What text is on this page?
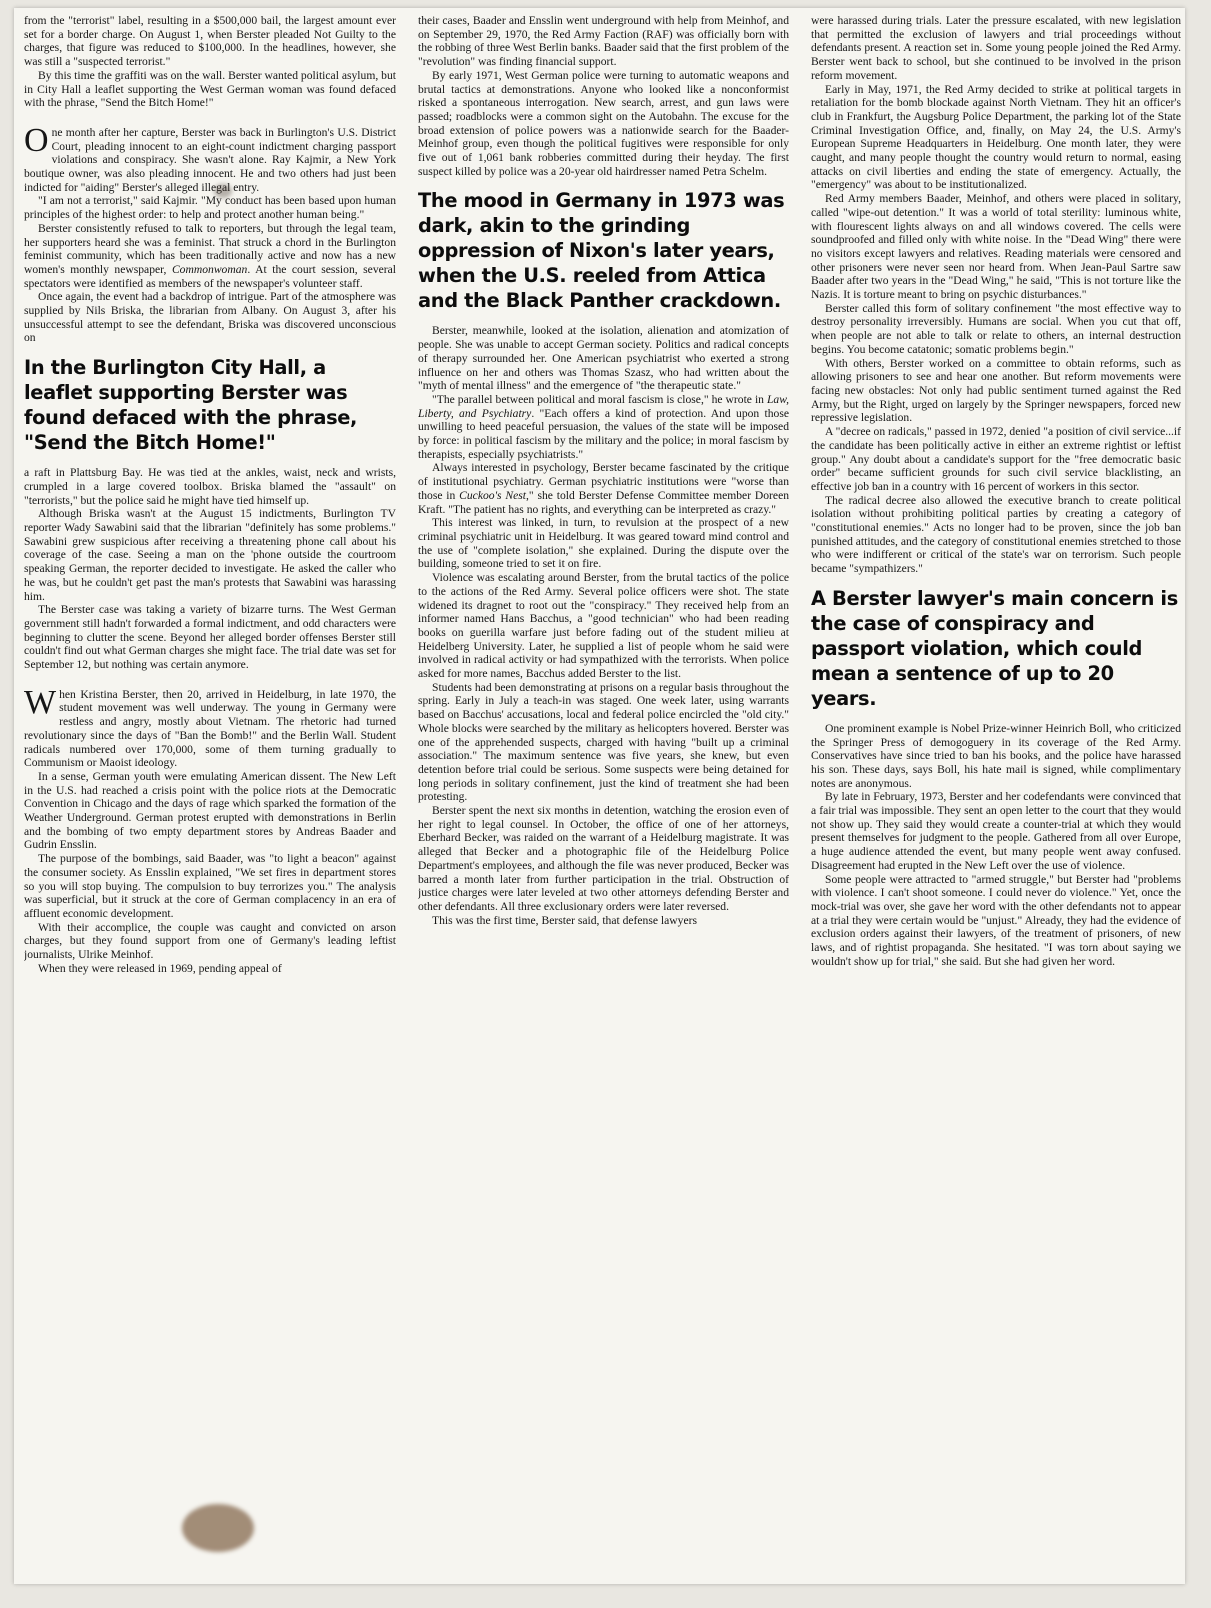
from the "terrorist" label, resulting in a $500,000 bail, the largest amount ever set for a border charge. On August 1, when Berster pleaded Not Guilty to the charges, that figure was reduced to $100,000. In the headlines, however, she was still a "suspected terrorist."

By this time the graffiti was on the wall. Berster wanted political asylum, but in City Hall a leaflet supporting the West German woman was found defaced with the phrase, "Send the Bitch Home!"

One month after her capture, Berster was back in Burlington's U.S. District Court, pleading innocent to an eight-count indictment charging passport violations and conspiracy. She wasn't alone. Ray Kajmir, a New York boutique owner, was also pleading innocent. He and two others had just been indicted for "aiding" Berster's alleged illegal entry.

"I am not a terrorist," said Kajmir. "My conduct has been based upon human principles of the highest order: to help and protect another human being."

Berster consistently refused to talk to reporters, but through the legal team, her supporters heard she was a feminist. That struck a chord in the Burlington feminist community, which has been traditionally active and now has a new women's monthly newspaper, Commonwoman. At the court session, several spectators were identified as members of the newspaper's volunteer staff.

Once again, the event had a backdrop of intrigue. Part of the atmosphere was supplied by Nils Briska, the librarian from Albany. On August 3, after his unsuccessful attempt to see the defendant, Briska was discovered unconscious on

In the Burlington City Hall, a leaflet supporting Berster was found defaced with the phrase, "Send the Bitch Home!"

a raft in Plattsburg Bay. He was tied at the ankles, waist, neck and wrists, crumpled in a large covered toolbox. Briska blamed the "assault" on "terrorists," but the police said he might have tied himself up.

Although Briska wasn't at the August 15 indictments, Burlington TV reporter Wady Sawabini said that the librarian "definitely has some problems." Sawabini grew suspicious after receiving a threatening phone call about his coverage of the case. Seeing a man on the 'phone outside the courtroom speaking German, the reporter decided to investigate. He asked the caller who he was, but he couldn't get past the man's protests that Sawabini was harassing him.

The Berster case was taking a variety of bizarre turns. The West German government still hadn't forwarded a formal indictment, and odd characters were beginning to clutter the scene. Beyond her alleged border offenses Berster still couldn't find out what German charges she might face. The trial date was set for September 12, but nothing was certain anymore.

When Kristina Berster, then 20, arrived in Heidelburg, in late 1970, the student movement was well underway. The young in Germany were restless and angry, mostly about Vietnam. The rhetoric had turned revolutionary since the days of "Ban the Bomb!" and the Berlin Wall. Student radicals numbered over 170,000, some of them turning gradually to Communism or Maoist ideology.

In a sense, German youth were emulating American dissent. The New Left in the U.S. had reached a crisis point with the police riots at the Democratic Convention in Chicago and the days of rage which sparked the formation of the Weather Underground. German protest erupted with demonstrations in Berlin and the bombing of two empty department stores by Andreas Baader and Gudrin Ensslin.

The purpose of the bombings, said Baader, was "to light a beacon" against the consumer society. As Ensslin explained, "We set fires in department stores so you will stop buying. The compulsion to buy terrorizes you." The analysis was superficial, but it struck at the core of German complacency in an era of affluent economic development.

With their accomplice, the couple was caught and convicted on arson charges, but they found support from one of Germany's leading leftist journalists, Ulrike Meinhof.

When they were released in 1969, pending appeal of

their cases, Baader and Ensslin went underground with help from Meinhof, and on September 29, 1970, the Red Army Faction (RAF) was officially born with the robbing of three West Berlin banks. Baader said that the first problem of the "revolution" was finding financial support.

By early 1971, West German police were turning to automatic weapons and brutal tactics at demonstrations. Anyone who looked like a nonconformist risked a spontaneous interrogation. New search, arrest, and gun laws were passed; roadblocks were a common sight on the Autobahn. The excuse for the broad extension of police powers was a nationwide search for the Baader-Meinhof group, even though the political fugitives were responsible for only five out of 1,061 bank robberies committed during their heyday. The first suspect killed by police was a 20-year old hairdresser named Petra Schelm.

The mood in Germany in 1973 was dark, akin to the grinding oppression of Nixon's later years, when the U.S. reeled from Attica and the Black Panther crackdown.

Berster, meanwhile, looked at the isolation, alienation and atomization of people. She was unable to accept German society. Politics and radical concepts of therapy surrounded her. One American psychiatrist who exerted a strong influence on her and others was Thomas Szasz, who had written about the "myth of mental illness" and the emergence of "the therapeutic state."

"The parallel between political and moral fascism is close," he wrote in Law, Liberty, and Psychiatry. "Each offers a kind of protection. And upon those unwilling to heed peaceful persuasion, the values of the state will be imposed by force: in political fascism by the military and the police; in moral fascism by therapists, especially psychiatrists."

Always interested in psychology, Berster became fascinated by the critique of institutional psychiatry. German psychiatric institutions were "worse than those in Cuckoo's Nest," she told Berster Defense Committee member Doreen Kraft. "The patient has no rights, and everything can be interpreted as crazy."

This interest was linked, in turn, to revulsion at the prospect of a new criminal psychiatric unit in Heidelburg. It was geared toward mind control and the use of "complete isolation," she explained. During the dispute over the building, someone tried to set it on fire.

Violence was escalating around Berster, from the brutal tactics of the police to the actions of the Red Army. Several police officers were shot. The state widened its dragnet to root out the "conspiracy." They received help from an informer named Hans Bacchus, a "good technician" who had been reading books on guerilla warfare just before fading out of the student milieu at Heidelberg University. Later, he supplied a list of people whom he said were involved in radical activity or had sympathized with the terrorists. When police asked for more names, Bacchus added Berster to the list.

Students had been demonstrating at prisons on a regular basis throughout the spring. Early in July a teach-in was staged. One week later, using warrants based on Bacchus' accusations, local and federal police encircled the "old city." Whole blocks were searched by the military as helicopters hovered. Berster was one of the apprehended suspects, charged with having "built up a criminal association." The maximum sentence was five years, she knew, but even detention before trial could be serious. Some suspects were being detained for long periods in solitary confinement, just the kind of treatment she had been protesting.

Berster spent the next six months in detention, watching the erosion even of her right to legal counsel. In October, the office of one of her attorneys, Eberhard Becker, was raided on the warrant of a Heidelburg magistrate. It was alleged that Becker and a photographic file of the Heidelburg Police Department's employees, and although the file was never produced, Becker was barred a month later from further participation in the trial. Obstruction of justice charges were later leveled at two other attorneys defending Berster and other defendants. All three exclusionary orders were later reversed.

This was the first time, Berster said, that defense lawyers

were harassed during trials. Later the pressure escalated, with new legislation that permitted the exclusion of lawyers and trial proceedings without defendants present. A reaction set in. Some young people joined the Red Army. Berster went back to school, but she continued to be involved in the prison reform movement.

Early in May, 1971, the Red Army decided to strike at political targets in retaliation for the bomb blockade against North Vietnam. They hit an officer's club in Frankfurt, the Augsburg Police Department, the parking lot of the State Criminal Investigation Office, and, finally, on May 24, the U.S. Army's European Supreme Headquarters in Heidelburg. One month later, they were caught, and many people thought the country would return to normal, easing attacks on civil liberties and ending the state of emergency. Actually, the "emergency" was about to be institutionalized.

Red Army members Baader, Meinhof, and others were placed in solitary, called "wipe-out detention." It was a world of total sterility: luminous white, with flourescent lights always on and all windows covered. The cells were soundproofed and filled only with white noise. In the "Dead Wing" there were no visitors except lawyers and relatives. Reading materials were censored and other prisoners were never seen nor heard from. When Jean-Paul Sartre saw Baader after two years in the "Dead Wing," he said, "This is not torture like the Nazis. It is torture meant to bring on psychic disturbances."

Berster called this form of solitary confinement "the most effective way to destroy personality irreversibly. Humans are social. When you cut that off, when people are not able to talk or relate to others, an internal destruction begins. You become catatonic; somatic problems begin."

With others, Berster worked on a committee to obtain reforms, such as allowing prisoners to see and hear one another. But reform movements were facing new obstacles: Not only had public sentiment turned against the Red Army, but the Right, urged on largely by the Springer newspapers, forced new repressive legislation.

A "decree on radicals," passed in 1972, denied "a position of civil service...if the candidate has been politically active in either an extreme rightist or leftist group." Any doubt about a candidate's support for the "free democratic basic order" became sufficient grounds for such civil service blacklisting, an effective job ban in a country with 16 percent of workers in this sector.

The radical decree also allowed the executive branch to create political isolation without prohibiting political parties by creating a category of "constitutional enemies." Acts no longer had to be proven, since the job ban punished attitudes, and the category of constitutional enemies stretched to those who were indifferent or critical of the state's war on terrorism. Such people became "sympathizers."

A Berster lawyer's main concern is the case of conspiracy and passport violation, which could mean a sentence of up to 20 years.

One prominent example is Nobel Prize-winner Heinrich Boll, who criticized the Springer Press of demogoguery in its coverage of the Red Army. Conservatives have since tried to ban his books, and the police have harassed his son. These days, says Boll, his hate mail is signed, while complimentary notes are anonymous.

By late in February, 1973, Berster and her codefendants were convinced that a fair trial was impossible. They sent an open letter to the court that they would not show up. They said they would create a counter-trial at which they would present themselves for judgment to the people. Gathered from all over Europe, a huge audience attended the event, but many people went away confused. Disagreement had erupted in the New Left over the use of violence.

Some people were attracted to "armed struggle," but Berster had "problems with violence. I can't shoot someone. I could never do violence." Yet, once the mock-trial was over, she gave her word with the other defendants not to appear at a trial they were certain would be "unjust." Already, they had the evidence of exclusion orders against their lawyers, of the treatment of prisoners, of new laws, and of rightist propaganda. She hesitated. "I was torn about saying we wouldn't show up for trial," she said. But she had given her word.
